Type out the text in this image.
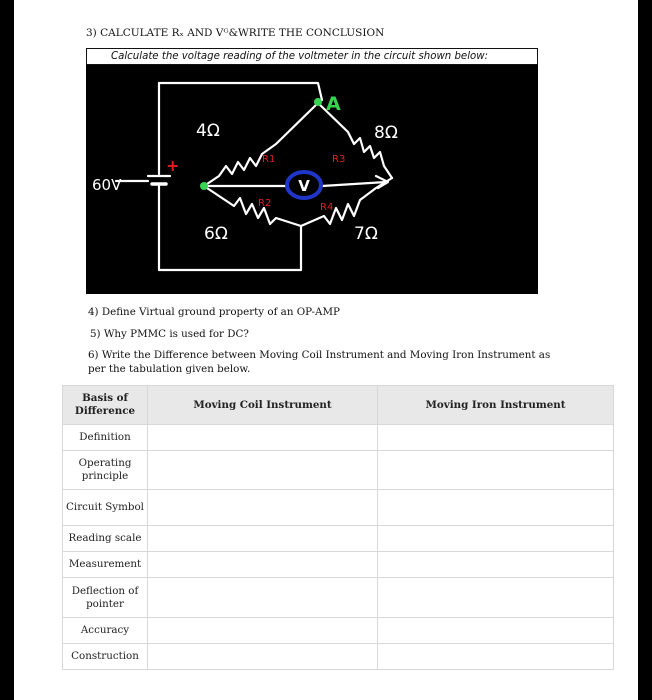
3) CALCULATE Rₓ AND Vᴳ&WRITE THE CONCLUSION
Calculate the voltage reading of the voltmeter in the circuit shown below:
V
A
60V
+
4Ω	8Ω
6Ω	7Ω
R1	R3
R2	R4
4) Define Virtual ground property of an OP-AMP
5) Why PMMC is used for DC?
6) Write the Difference between Moving Coil Instrument and Moving Iron Instrument as per the tabulation given below.
Basis of Difference	Moving Coil Instrument	Moving Iron Instrument
Definition		
Operating principle		
Circuit Symbol		
Reading scale		
Measurement		
Deflection of pointer		
Accuracy		
Construction		
